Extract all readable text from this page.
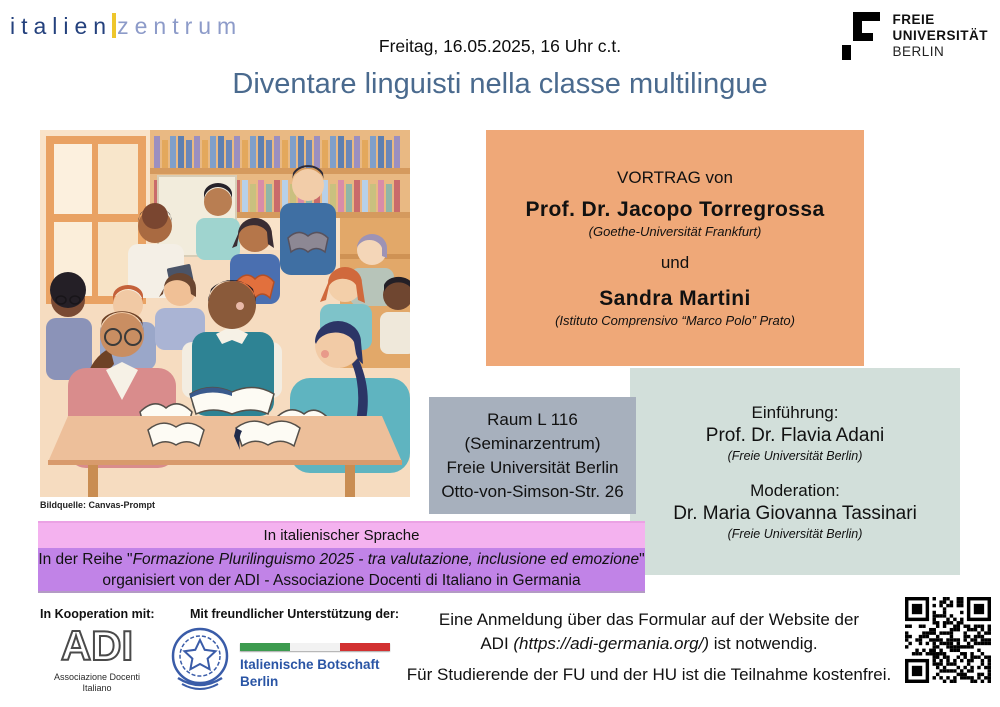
italien zentrum
Freitag, 16.05.2025, 16 Uhr c.t.
Diventare linguisti nella classe multilingue
FREIE
UNIVERSITÄT
BERLIN
Bildquelle: Canvas-Prompt
VORTRAG von
Prof. Dr. Jacopo Torregrossa
(Goethe-Universität Frankfurt)
und
Sandra Martini
(Istituto Comprensivo “Marco Polo” Prato)
Einführung:
Prof. Dr. Flavia Adani
(Freie Universität Berlin)
Moderation:
Dr. Maria Giovanna Tassinari
(Freie Universität Berlin)
Raum L 116
(Seminarzentrum)
Freie Universität Berlin
Otto-von-Simson-Str. 26
In italienischer Sprache
In der Reihe "Formazione Plurilinguismo 2025 - tra valutazione, inclusione ed emozione"
organisiert von der ADI - Associazione Docenti di Italiano in Germania
In Kooperation mit:
ADI
Associazione Docenti
Italiano
Mit freundlicher Unterstützung der:
Italienische Botschaft
Berlin
Eine Anmeldung über das Formular auf der Website der
ADI (https://adi-germania.org/) ist notwendig.
Für Studierende der FU und der HU ist die Teilnahme kostenfrei.
